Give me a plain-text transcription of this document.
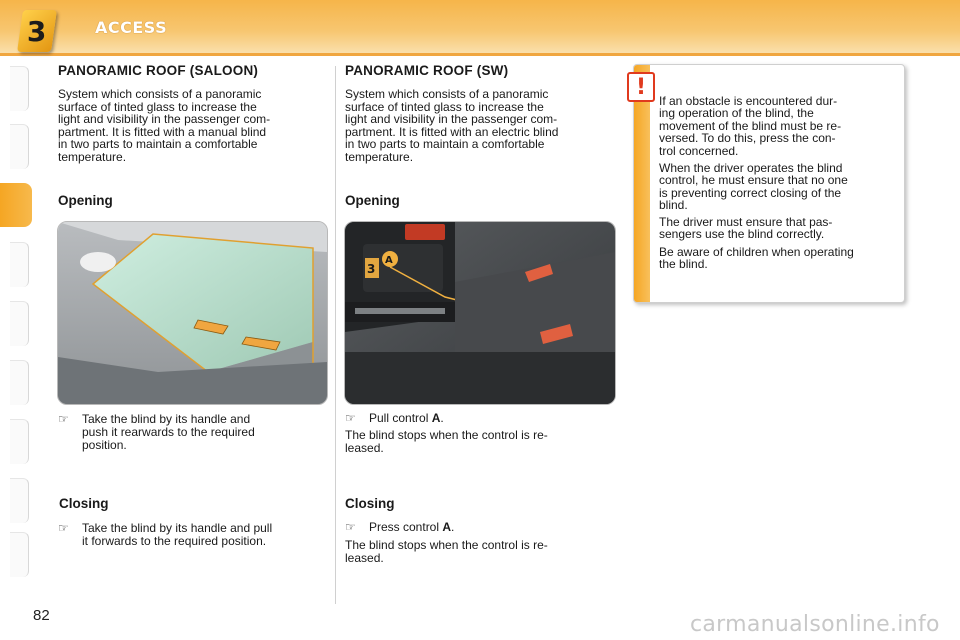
3	ACCESS
PANORAMIC ROOF (SALOON)
System which consists of a panoramic
surface of tinted glass to increase the
light and visibility in the passenger com-
partment. It is fitted with a manual blind
in two parts to maintain a comfortable
temperature.
Opening
☞ Take the blind by its handle and
push it rearwards to the required
position.
Closing
☞ Take the blind by its handle and pull
it forwards to the required position.
PANORAMIC ROOF (SW)
System which consists of a panoramic
surface of tinted glass to increase the
light and visibility in the passenger com-
partment. It is fitted with an electric blind
in two parts to maintain a comfortable
temperature.
Opening
3
A
☞ Pull control A.
The blind stops when the control is re-
leased.
Closing
☞ Press control A.
The blind stops when the control is re-
leased.
!
If an obstacle is encountered dur-
ing operation of the blind, the
movement of the blind must be re-
versed. To do this, press the con-
trol concerned.
When the driver operates the blind
control, he must ensure that no one
is preventing correct closing of the
blind.
The driver must ensure that pas-
sengers use the blind correctly.
Be aware of children when operating
the blind.
82	carmanualsonline.info
